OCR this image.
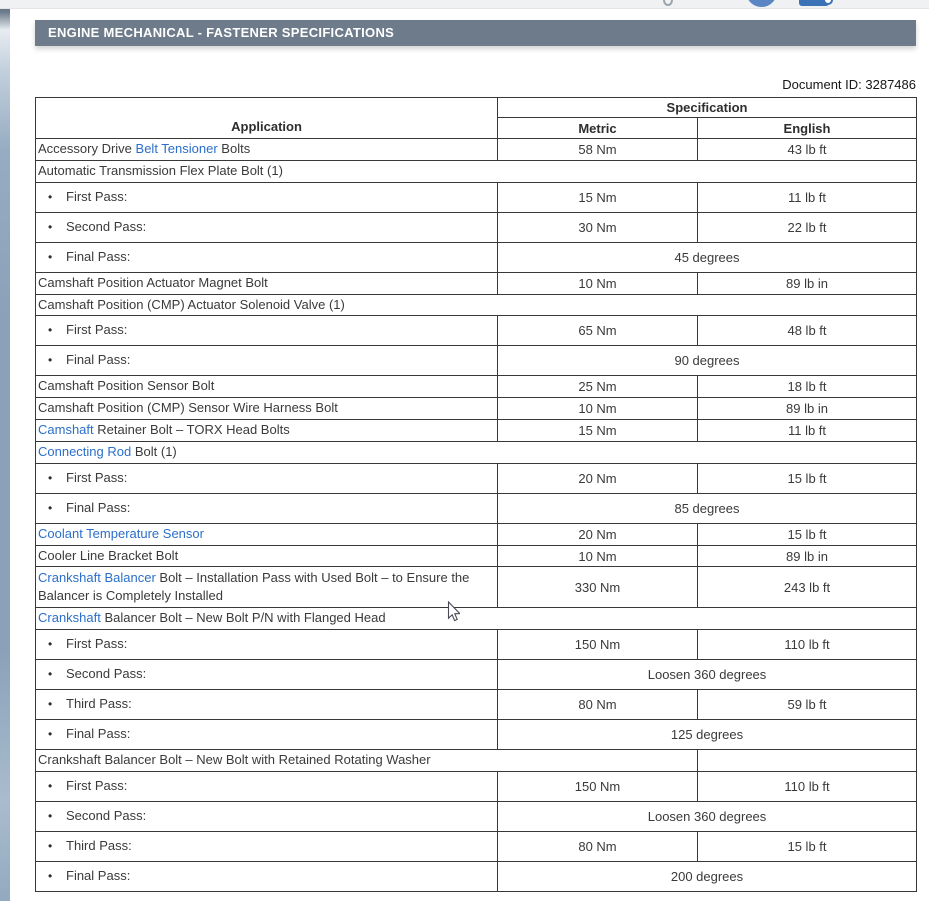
ENGINE MECHANICAL - FASTENER SPECIFICATIONS
Document ID: 3287486
Application	Specification	
	Metric	English
Accessory Drive Belt Tensioner Bolts	58 Nm	43 lb ft
Automatic Transmission Flex Plate Bolt (1)		
• First Pass:	15 Nm	11 lb ft
• Second Pass:	30 Nm	22 lb ft
• Final Pass:	45 degrees	
Camshaft Position Actuator Magnet Bolt	10 Nm	89 lb in
Camshaft Position (CMP) Actuator Solenoid Valve (1)		
• First Pass:	65 Nm	48 lb ft
• Final Pass:	90 degrees	
Camshaft Position Sensor Bolt	25 Nm	18 lb ft
Camshaft Position (CMP) Sensor Wire Harness Bolt	10 Nm	89 lb in
Camshaft Retainer Bolt – TORX Head Bolts	15 Nm	11 lb ft
Connecting Rod Bolt (1)		
• First Pass:	20 Nm	15 lb ft
• Final Pass:	85 degrees	
Coolant Temperature Sensor	20 Nm	15 lb ft
Cooler Line Bracket Bolt	10 Nm	89 lb in
Crankshaft Balancer Bolt – Installation Pass with Used Bolt – to Ensure the Balancer is Completely Installed	330 Nm	243 lb ft
Crankshaft Balancer Bolt – New Bolt P/N with Flanged Head		
• First Pass:	150 Nm	110 lb ft
• Second Pass:	Loosen 360 degrees	
• Third Pass:	80 Nm	59 lb ft
• Final Pass:	125 degrees	
Crankshaft Balancer Bolt – New Bolt with Retained Rotating Washer		
• First Pass:	150 Nm	110 lb ft
• Second Pass:	Loosen 360 degrees	
• Third Pass:	80 Nm	15 lb ft
• Final Pass:	200 degrees	
